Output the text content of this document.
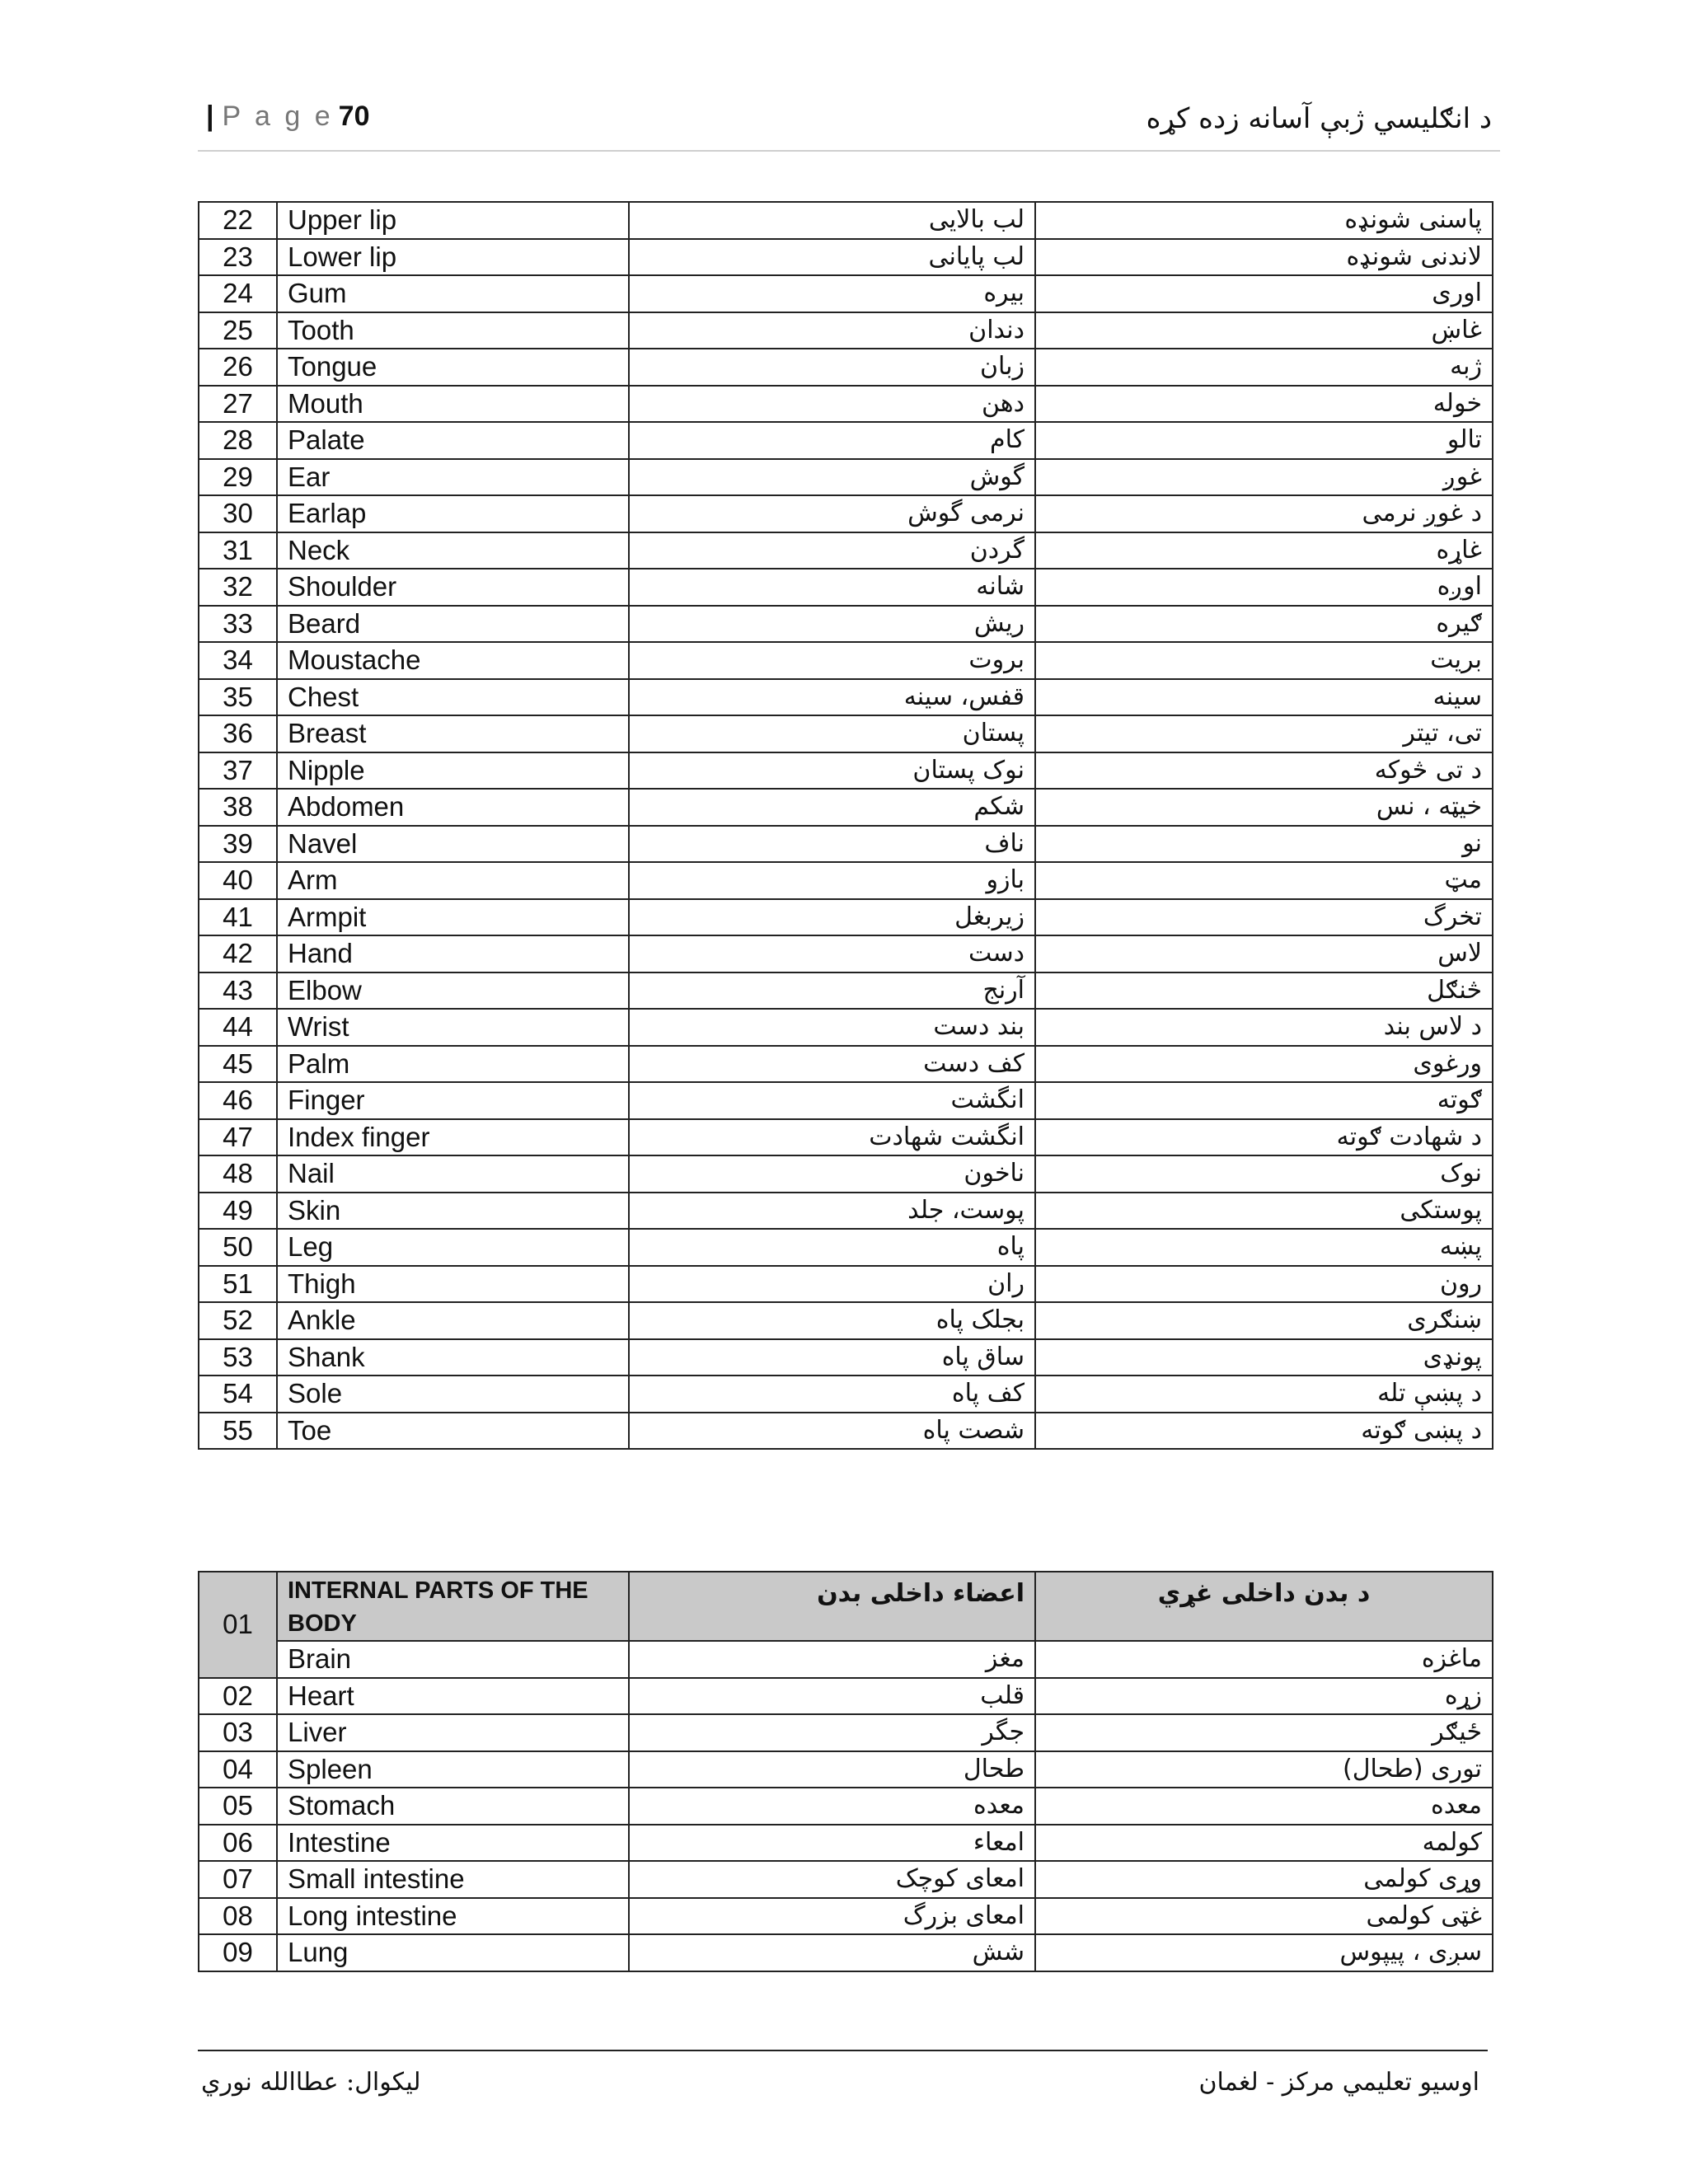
| P a g e 70	د انګلیسي ژبې آسانه زده کړه
22	Upper lip	لب بالایی	پاسنی شونډه
23	Lower lip	لب پایانی	لاندنی شونډه
24	Gum	بیره	اوری
25	Tooth	دندان	غاښ
26	Tongue	زبان	ژبه
27	Mouth	دهن	خوله
28	Palate	کام	تالو
29	Ear	گوش	غوږ
30	Earlap	نرمی گوش	د غوږ نرمی
31	Neck	گردن	غاړه
32	Shoulder	شانه	اوږه
33	Beard	ریش	ګیره
34	Moustache	بروت	بریت
35	Chest	قفس، سینه	سینه
36	Breast	پستان	تی، تیتر
37	Nipple	نوک پستان	د تی څوکه
38	Abdomen	شکم	خیټه ، نس
39	Navel	ناف	نو
40	Arm	بازو	مټ
41	Armpit	زیربغل	تخرگ
42	Hand	دست	لاس
43	Elbow	آرنج	څنګل
44	Wrist	بند دست	د لاس بند
45	Palm	کف دست	ورغوی
46	Finger	انگشت	ګوته
47	Index finger	انگشت شهادت	د شهادت ګوته
48	Nail	ناخون	نوک
49	Skin	پوست، جلد	پوستکی
50	Leg	پاه	پښه
51	Thigh	ران	رون
52	Ankle	بجلک پاه	ښنګری
53	Shank	ساق پاه	پونډی
54	Sole	کف پاه	د پښې تله
55	Toe	شصت پاه	د پښی ګوته
01	INTERNAL PARTS OF THE BODY	اعضاء داخلی بدن	د بدن داخلی غړي
	Brain	مغز	ماغزه
02	Heart	قلب	زړه
03	Liver	جگر	ځیګر
04	Spleen	طحال	توری (طحال)
05	Stomach	معده	معده
06	Intestine	امعاء	کولمه
07	Small intestine	امعای کوچک	وړی کولمی
08	Long intestine	امعای بزرگ	غټی کولمی
09	Lung	شش	سږی ، پیپوس
لیکوال: عطاالله نوري	اوسیو تعلیمي مرکز - لغمان
